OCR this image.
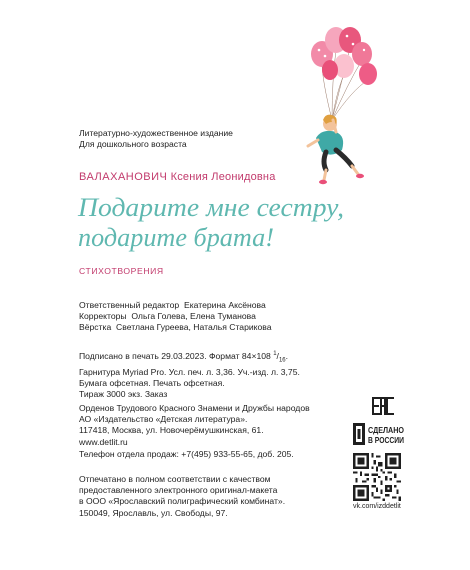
Литературно-художественное издание
Для дошкольного возраста
ВАЛАХАНОВИЧ Ксения Леонидовна
Подарите мне сестру,
подарите брата!
СТИХОТВОРЕНИЯ
Ответственный редактор Екатерина Аксёнова
Корректоры Ольга Голева, Елена Туманова
Вёрстка Светлана Гуреева, Наталья Старикова
Подписано в печать 29.03.2023. Формат 84×108 $^1/_{16}$.
Гарнитура Myriad Pro. Усл. печ. л. 3,36. Уч.-изд. л. 3,75.
Бумага офсетная. Печать офсетная.
Тираж 3000 экз. Заказ
Орденов Трудового Красного Знамени и Дружбы народов
АО «Издательство «Детская литература».
117418, Москва, ул. Новочерёмушкинская, 61.
www.detlit.ru
Телефон отдела продаж: +7(495) 933-55-65, доб. 205.
Отпечатано в полном соответствии с качеством
предоставленного электронного оригинал-макета
в ООО «Ярославский полиграфический комбинат».
150049, Ярославль, ул. Свободы, 97.
СДЕЛАНО
В РОССИИ
vk.com/izddetlit
